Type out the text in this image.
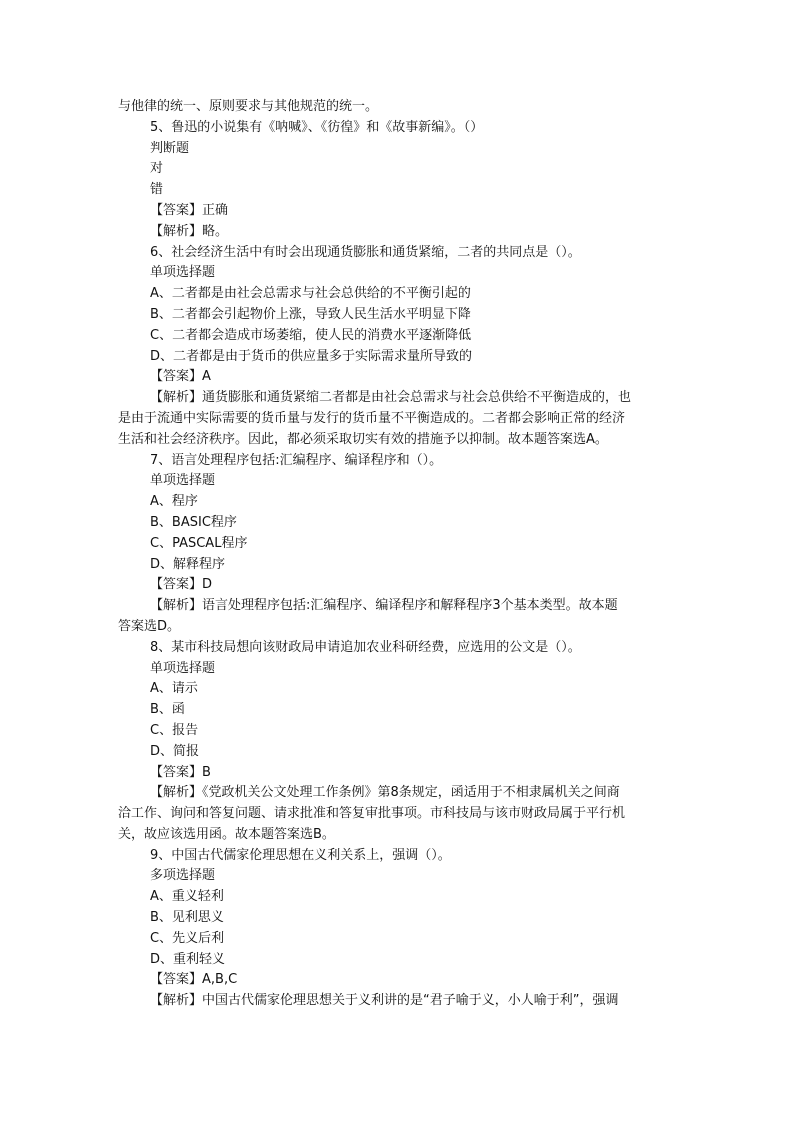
与他律的统一、原则要求与其他规范的统一。
5、鲁迅的小说集有《呐喊》、《彷徨》和《故事新编》。（）
判断题
对
错
【答案】正确
【解析】略。
6、社会经济生活中有时会出现通货膨胀和通货紧缩，二者的共同点是（）。
单项选择题
A、二者都是由社会总需求与社会总供给的不平衡引起的
B、二者都会引起物价上涨，导致人民生活水平明显下降
C、二者都会造成市场萎缩，使人民的消费水平逐渐降低
D、二者都是由于货币的供应量多于实际需求量所导致的
【答案】A
【解析】通货膨胀和通货紧缩二者都是由社会总需求与社会总供给不平衡造成的，也
是由于流通中实际需要的货币量与发行的货币量不平衡造成的。二者都会影响正常的经济
生活和社会经济秩序。因此，都必须采取切实有效的措施予以抑制。故本题答案选A。
7、语言处理程序包括:汇编程序、编译程序和（）。
单项选择题
A、程序
B、BASIC程序
C、PASCAL程序
D、解释程序
【答案】D
【解析】语言处理程序包括:汇编程序、编译程序和解释程序3个基本类型。故本题
答案选D。
8、某市科技局想向该财政局申请追加农业科研经费，应选用的公文是（）。
单项选择题
A、请示
B、函
C、报告
D、简报
【答案】B
【解析】《党政机关公文处理工作条例》第8条规定，函适用于不相隶属机关之间商
洽工作、询问和答复问题、请求批准和答复审批事项。市科技局与该市财政局属于平行机
关，故应该选用函。故本题答案选B。
9、中国古代儒家伦理思想在义利关系上，强调（）。
多项选择题
A、重义轻利
B、见利思义
C、先义后利
D、重利轻义
【答案】A,B,C
【解析】中国古代儒家伦理思想关于义利讲的是“君子喻于义，小人喻于利”，强调
